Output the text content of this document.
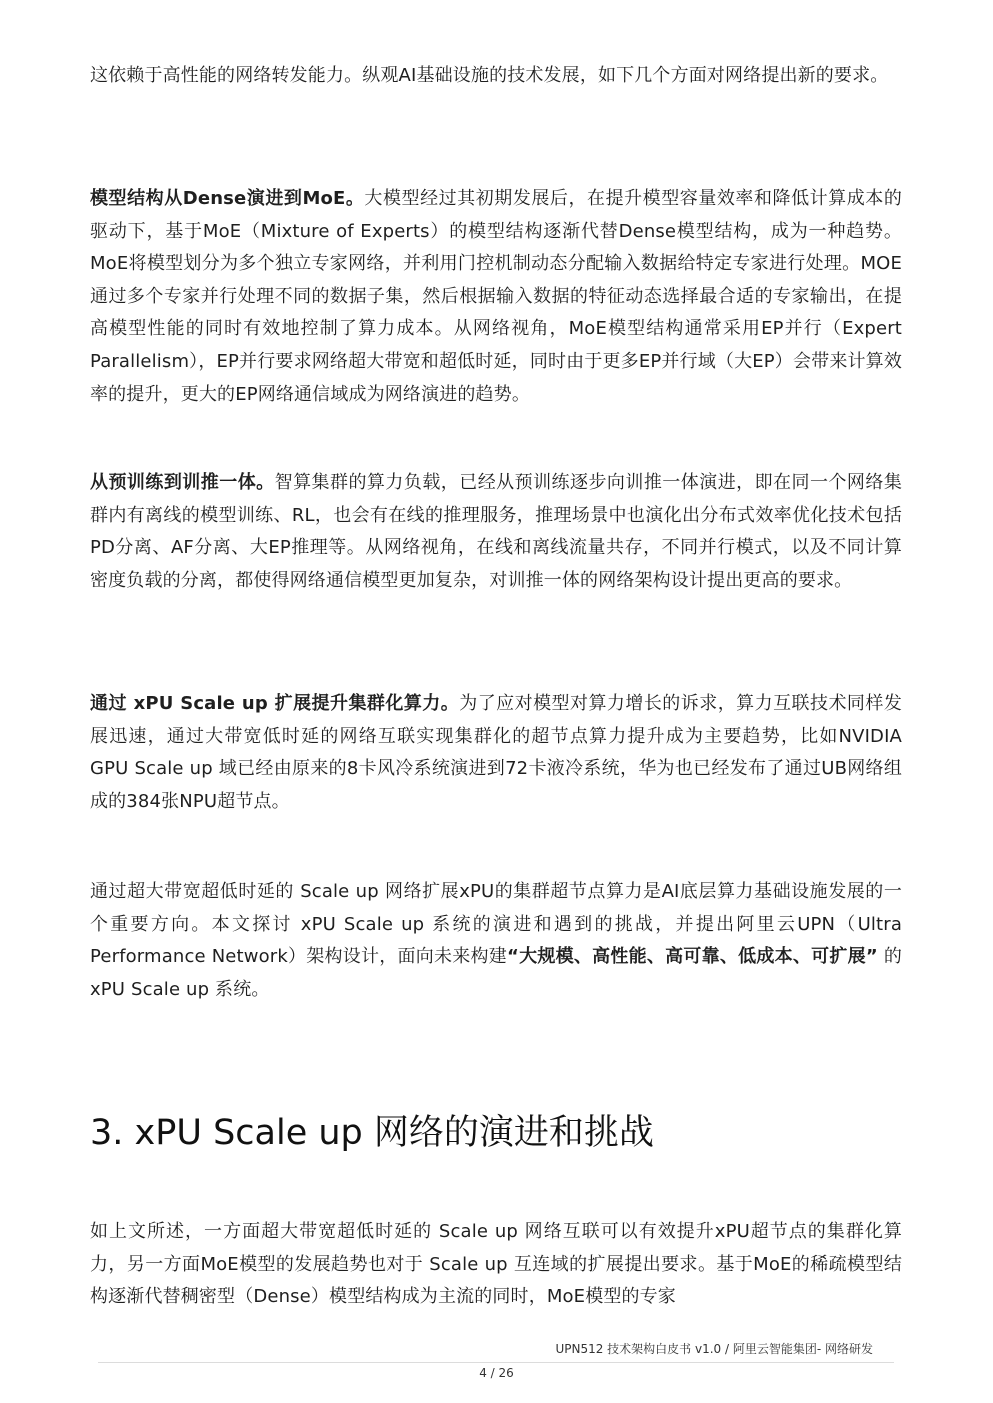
这依赖于高性能的网络转发能力。纵观AI基础设施的技术发展，如下几个方面对网络提出新的要求。

模型结构从Dense演进到MoE。大模型经过其初期发展后，在提升模型容量效率和降低计算成本的驱动下，基于MoE（Mixture of Experts）的模型结构逐渐代替Dense模型结构，成为一种趋势。MoE将模型划分为多个独立专家网络，并利用门控机制动态分配输入数据给特定专家进行处理。MOE 通过多个专家并行处理不同的数据子集，然后根据输入数据的特征动态选择最合适的专家输出，在提高模型性能的同时有效地控制了算力成本。从网络视角，MoE模型结构通常采用EP并行（Expert Parallelism），EP并行要求网络超大带宽和超低时延，同时由于更多EP并行域（大EP）会带来计算效率的提升，更大的EP网络通信域成为网络演进的趋势。

从预训练到训推一体。智算集群的算力负载，已经从预训练逐步向训推一体演进，即在同一个网络集群内有离线的模型训练、RL，也会有在线的推理服务，推理场景中也演化出分布式效率优化技术包括PD分离、AF分离、大EP推理等。从网络视角，在线和离线流量共存，不同并行模式，以及不同计算密度负载的分离，都使得网络通信模型更加复杂，对训推一体的网络架构设计提出更高的要求。

通过 xPU Scale up 扩展提升集群化算力。为了应对模型对算力增长的诉求，算力互联技术同样发展迅速，通过大带宽低时延的网络互联实现集群化的超节点算力提升成为主要趋势，比如NVIDIA GPU Scale up 域已经由原来的8卡风冷系统演进到72卡液冷系统，华为也已经发布了通过UB网络组成的384张NPU超节点。

通过超大带宽超低时延的 Scale up 网络扩展xPU的集群超节点算力是AI底层算力基础设施发展的一个重要方向。本文探讨 xPU Scale up 系统的演进和遇到的挑战，并提出阿里云UPN（Ultra Performance Network）架构设计，面向未来构建“大规模、高性能、高可靠、低成本、可扩展” 的 xPU Scale up 系统。

3. xPU Scale up 网络的演进和挑战

如上文所述，一方面超大带宽超低时延的 Scale up 网络互联可以有效提升xPU超节点的集群化算力，另一方面MoE模型的发展趋势也对于 Scale up 互连域的扩展提出要求。基于MoE的稀疏模型结构逐渐代替稠密型（Dense）模型结构成为主流的同时，MoE模型的专家

UPN512 技术架构白皮书 v1.0 / 阿里云智能集团- 网络研发
4 / 26
